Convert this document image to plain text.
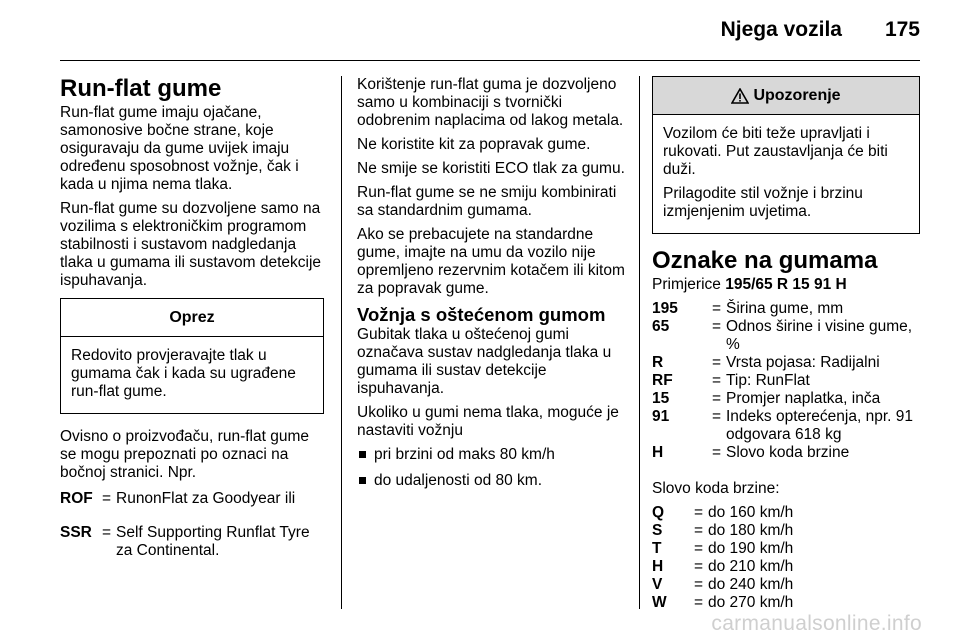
Njega vozila 175
Run-flat gume

Run-flat gume imaju ojačane, samonosive bočne strane, koje osiguravaju da gume uvijek imaju određenu sposobnost vožnje, čak i kada u njima nema tlaka.

Run-flat gume su dozvoljene samo na vozilima s elektroničkim programom stabilnosti i sustavom nadgledanja tlaka u gumama ili sustavom detekcije ispuhavanja.

Oprez

Redovito provjeravajte tlak u gumama čak i kada su ugrađene run-flat gume.

Ovisno o proizvođaču, run-flat gume se mogu prepoznati po oznaci na bočnoj stranici. Npr.

ROF = RunonFlat za Goodyear ili
SSR = Self Supporting Runflat Tyre za Continental.

Korištenje run-flat guma je dozvoljeno samo u kombinaciji s tvornički odobrenim naplacima od lakog metala.

Ne koristite kit za popravak gume.

Ne smije se koristiti ECO tlak za gumu.

Run-flat gume se ne smiju kombinirati sa standardnim gumama.

Ako se prebacujete na standardne gume, imajte na umu da vozilo nije opremljeno rezervnim kotačem ili kitom za popravak gume.

Vožnja s oštećenom gumom

Gubitak tlaka u oštećenoj gumi označava sustav nadgledanja tlaka u gumama ili sustav detekcije ispuhavanja.

Ukoliko u gumi nema tlaka, moguće je nastaviti vožnju

pri brzini od maks 80 km/h
do udaljenosti od 80 km.
Upozorenje

Vozilom će biti teže upravljati i rukovati. Put zaustavljanja će biti duži.

Prilagodite stil vožnje i brzinu izmjenjenim uvjetima.

Oznake na gumama

Primjerice 195/65 R 15 91 H

195	= Širina gume, mm
65	= Odnos širine i visine gume, %
R	= Vrsta pojasa: Radijalni
RF	= Tip: RunFlat
15	= Promjer naplatka, inča
91	= Indeks opterećenja, npr. 91 odgovara 618 kg
H	= Slovo koda brzine

Slovo koda brzine:

Q	= do 160 km/h
S	= do 180 km/h
T	= do 190 km/h
H	= do 210 km/h
V	= do 240 km/h
W	= do 270 km/h
carmanualsonline.info
